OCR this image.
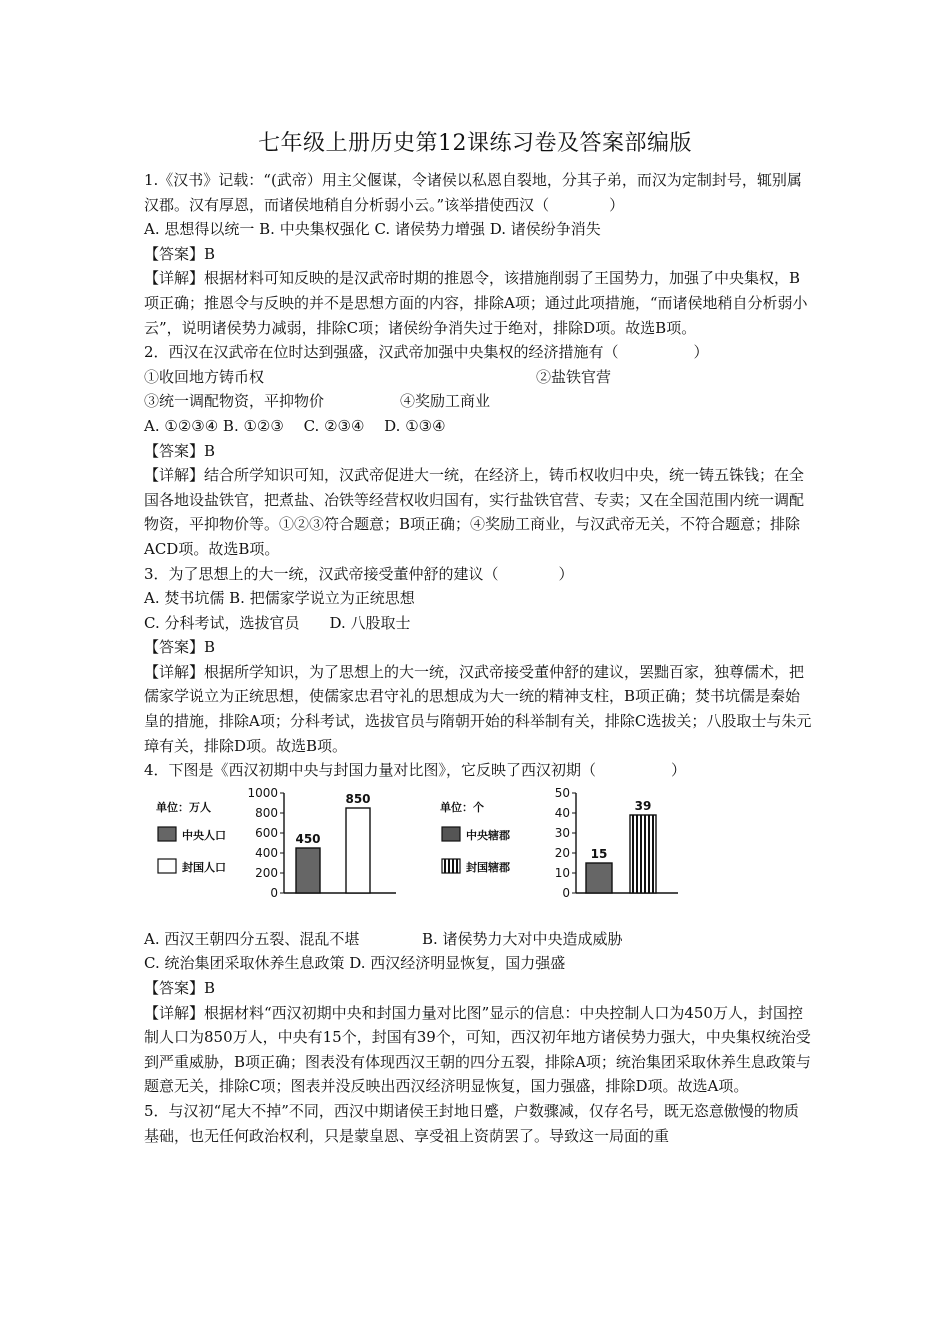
七年级上册历史第12课练习卷及答案部编版

1.《汉书》记载：“(武帝）用主父偃谋，令诸侯以私恩自裂地，分其子弟，而汉为定制封号，辄别属汉郡。汉有厚恩，而诸侯地稍自分析弱小云。”该举措使西汉（　　　　）

A. 思想得以统一 B. 中央集权强化 C. 诸侯势力增强 D. 诸侯纷争消失

【答案】B

【详解】根据材料可知反映的是汉武帝时期的推恩令，该措施削弱了王国势力，加强了中央集权，B项正确；推恩令与反映的并不是思想方面的内容，排除A项；通过此项措施，“而诸侯地稍自分析弱小云”，说明诸侯势力减弱，排除C项；诸侯纷争消失过于绝对，排除D项。故选B项。

2．西汉在汉武帝在位时达到强盛，汉武帝加强中央集权的经济措施有（　　　　　）

①收回地方铸币权	②盐铁官营
③统一调配物资，平抑物价	④奖励工商业

A. ①②③④ B. ①②③　 C. ②③④　 D. ①③④

【答案】B

【详解】结合所学知识可知，汉武帝促进大一统，在经济上，铸币权收归中央，统一铸五铢钱；在全国各地设盐铁官，把煮盐、冶铁等经营权收归国有，实行盐铁官营、专卖；又在全国范围内统一调配物资，平抑物价等。①②③符合题意；B项正确；④奖励工商业，与汉武帝无关，不符合题意；排除ACD项。故选B项。

3．为了思想上的大一统，汉武帝接受董仲舒的建议（　　　　）

A. 焚书坑儒 B. 把儒家学说立为正统思想

C. 分科考试，选拔官员　　D. 八股取士

【答案】B

【详解】根据所学知识，为了思想上的大一统，汉武帝接受董仲舒的建议，罢黜百家，独尊儒术，把儒家学说立为正统思想，使儒家忠君守礼的思想成为大一统的精神支柱，B项正确；焚书坑儒是秦始皇的措施，排除A项；分科考试，选拔官员与隋朝开始的科举制有关，排除C选拔关；八股取士与朱元璋有关，排除D项。故选B项。

4．下图是《西汉初期中央与封国力量对比图》，它反映了西汉初期（　　　　　）

单位：万人
中央人口
封国人口
0
200
400
600
800
1000
450
850
单位：个
中央辖郡
封国辖郡
0
10
20
30
40
50
15
39
A. 西汉王朝四分五裂、混乱不堪	B. 诸侯势力大对中央造成威胁

C. 统治集团采取休养生息政策 D. 西汉经济明显恢复，国力强盛

【答案】B

【详解】根据材料“西汉初期中央和封国力量对比图”显示的信息：中央控制人口为450万人，封国控制人口为850万人，中央有15个，封国有39个，可知，西汉初年地方诸侯势力强大，中央集权统治受到严重威胁，B项正确；图表没有体现西汉王朝的四分五裂，排除A项；统治集团采取休养生息政策与题意无关，排除C项；图表并没反映出西汉经济明显恢复，国力强盛，排除D项。故选A项。

5．与汉初“尾大不掉”不同，西汉中期诸侯王封地日蹙，户数骤减，仅存名号，既无恣意傲慢的物质基础，也无任何政治权利，只是蒙皇恩、享受祖上资荫罢了。导致这一局面的重
